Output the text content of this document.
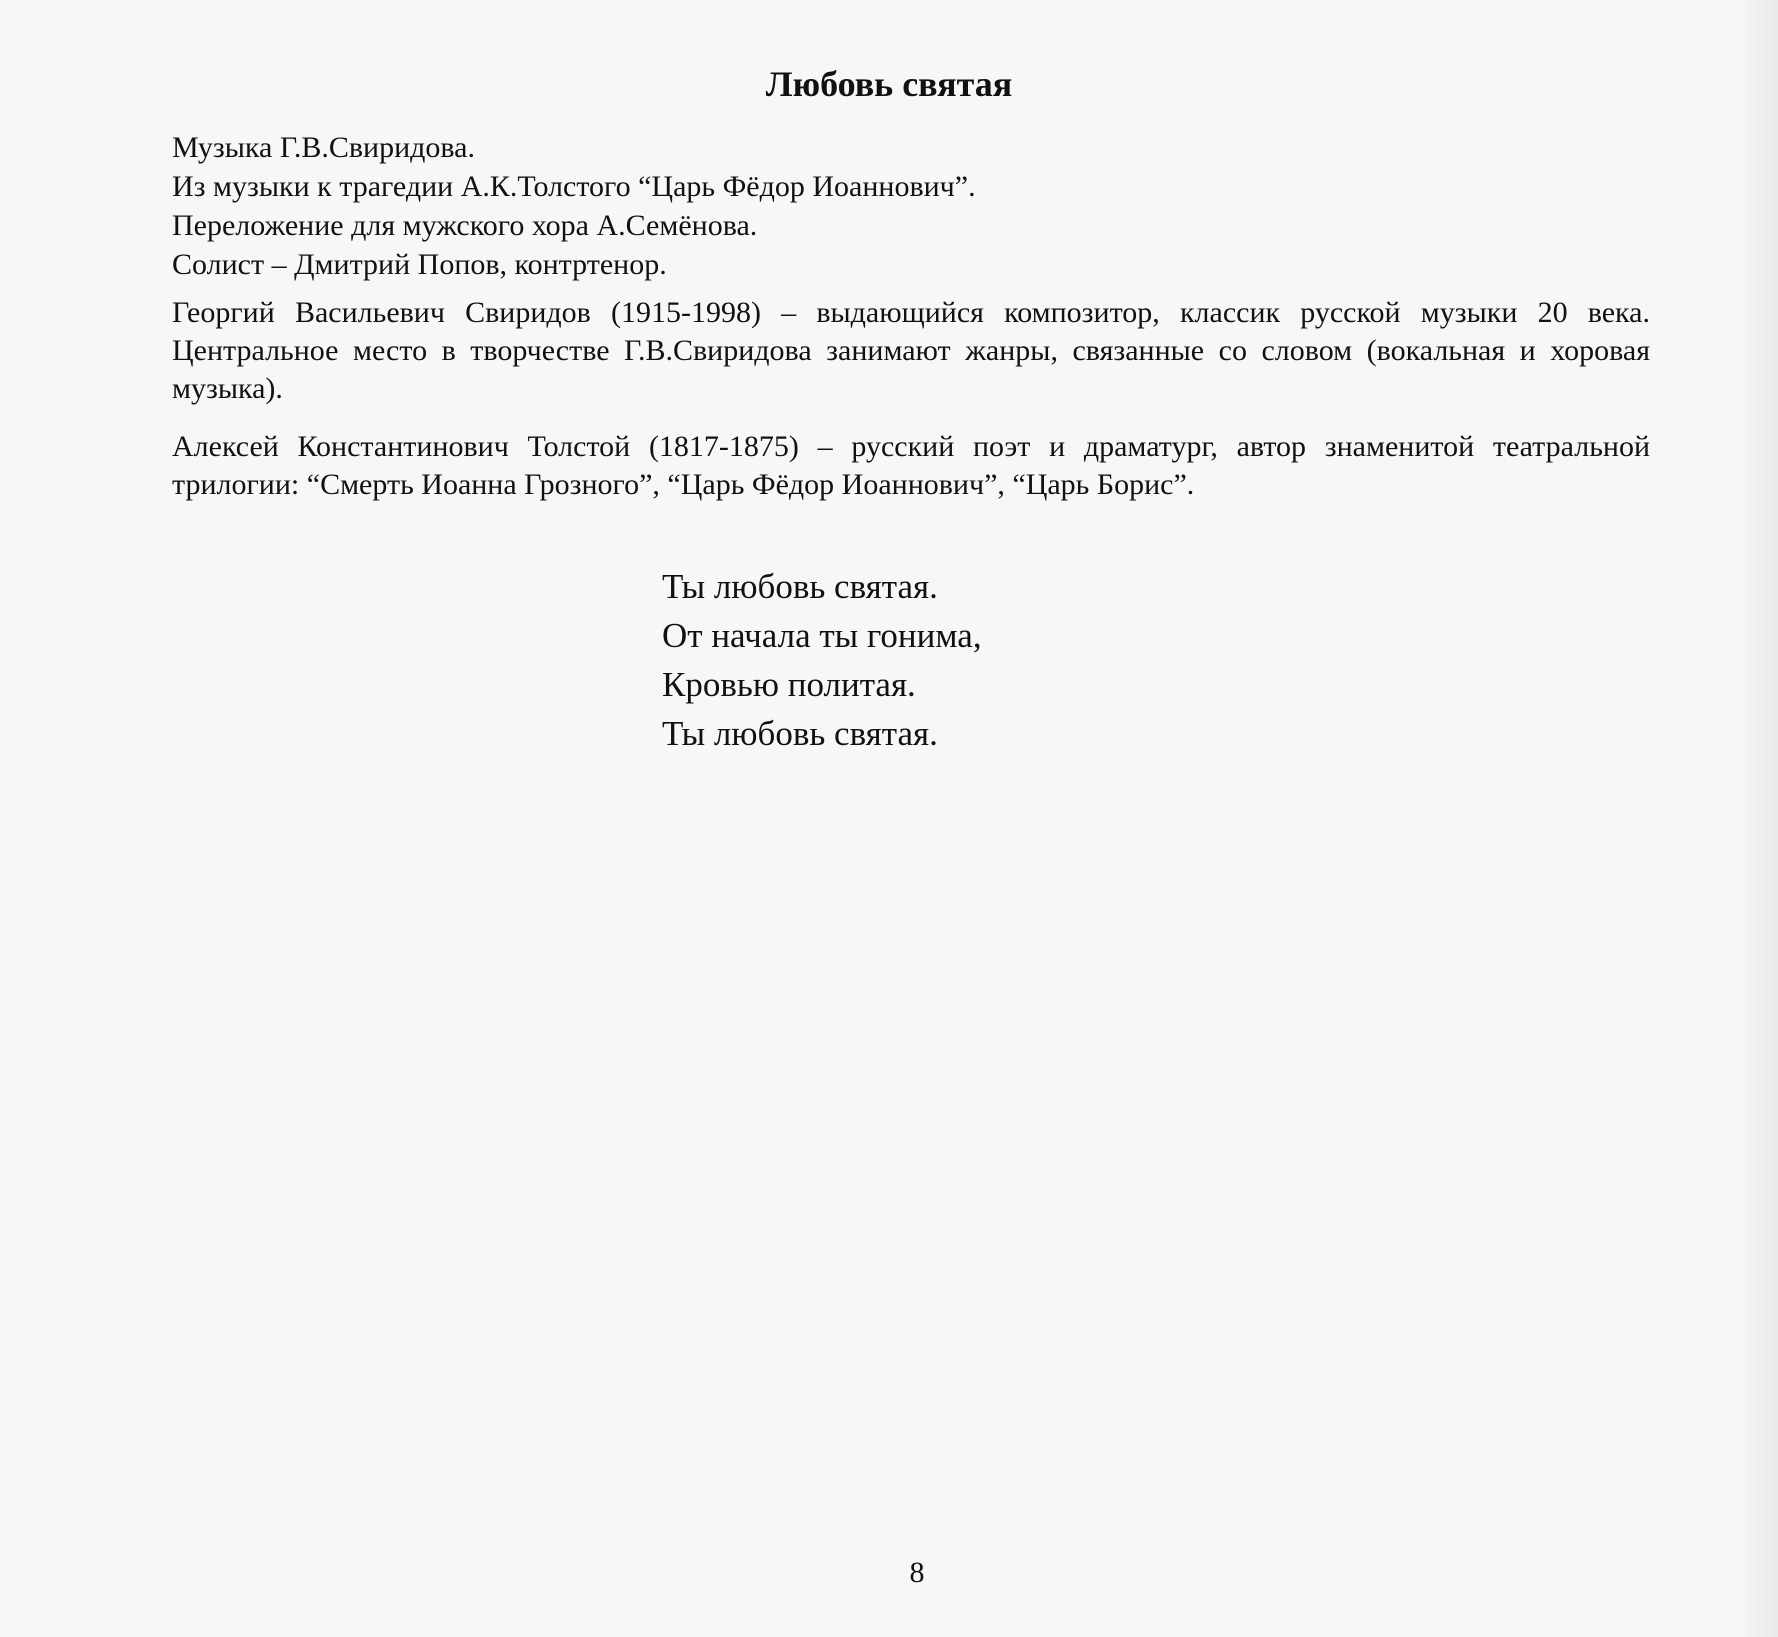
Любовь святая
Музыка Г.В.Свиридова.
Из музыки к трагедии А.К.Толстого “Царь Фёдор Иоаннович”.
Переложение для мужского хора А.Семёнова.
Солист – Дмитрий Попов, контртенор.

Георгий Васильевич Свиридов (1915-1998) – выдающийся композитор, классик русской музыки 20 века. Центральное место в творчестве Г.В.Свиридова занимают жанры, связанные со словом (вокальная и хоровая музыка).

Алексей Константинович Толстой (1817-1875) – русский поэт и драматург, автор знаменитой театральной трилогии: “Смерть Иоанна Грозного”, “Царь Фёдор Иоаннович”, “Царь Борис”.

Ты любовь святая.
От начала ты гонима,
Кровью политая.
Ты любовь святая.
8
